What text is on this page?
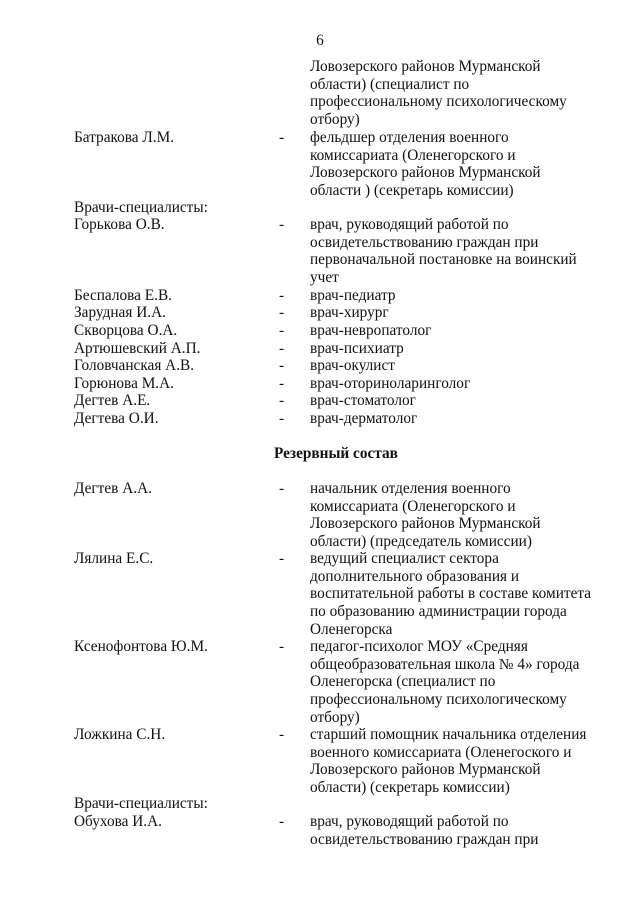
6
Ловозерского районов Мурманской
области) (специалист по
профессиональному психологическому
отбору)
Батракова Л.М.	- фельдшер отделения военного
комиссариата (Оленегорского и
Ловозерского районов Мурманской
области ) (секретарь комиссии)
Врачи-специалисты:
Горькова О.В.	- врач, руководящий работой по
освидетельствованию граждан при
первоначальной постановке на воинский
учет
Беспалова Е.В.	- врач-педиатр
Зарудная И.А.	- врач-хирург
Скворцова О.А.	- врач-невропатолог
Артюшевский А.П.	- врач-психиатр
Головчанская А.В.	- врач-окулист
Горюнова М.А.	- врач-оториноларинголог
Дегтев А.Е.	- врач-стоматолог
Дегтева О.И.	- врач-дерматолог
Резервный состав
Дегтев А.А.	- начальник отделения военного
комиссариата (Оленегорского и
Ловозерского районов Мурманской
области) (председатель комиссии)
Лялина Е.С.	- ведущий специалист сектора
дополнительного образования и
воспитательной работы в составе комитета
по образованию администрации города
Оленегорска
Ксенофонтова Ю.М.	- педагог-психолог МОУ «Средняя
общеобразовательная школа № 4» города
Оленегорска (специалист по
профессиональному психологическому
отбору)
Ложкина С.Н.	- старший помощник начальника отделения
военного комиссариата (Оленегоского и
Ловозерского районов Мурманской
области) (секретарь комиссии)
Врачи-специалисты:
Обухова И.А.	- врач, руководящий работой по
освидетельствованию граждан при
